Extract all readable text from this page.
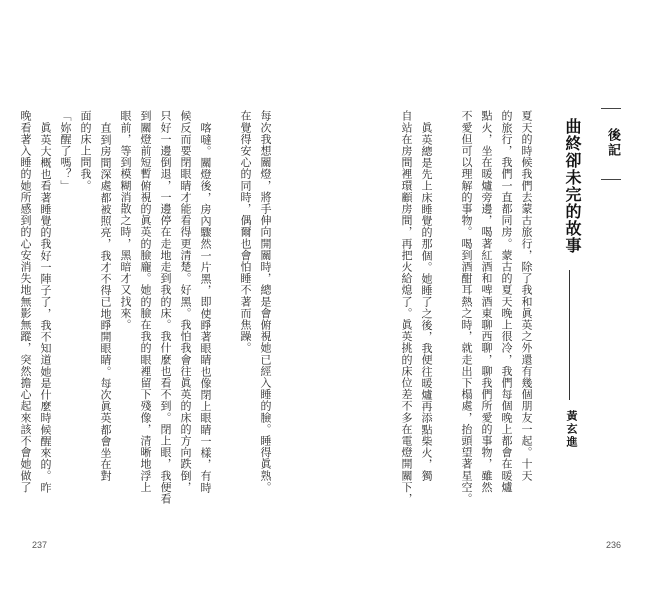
後記
曲終卻未完的故事
黃玄進
夏天的時候我們去蒙古旅行，除了我和眞英之外還有幾個朋友一起。十天
的旅行，我們一直都同房。蒙古的夏天晚上很冷，我們每個晚上都會在暖爐
點火，坐在暖爐旁邊，喝著紅酒和啤酒東聊西聊，聊我們所愛的事物，雖然
不愛但可以理解的事物。喝到酒酣耳熱之時，就走出下榻處，抬頭望著星空。
眞英總是先上床睡覺的那個。她睡了之後，我便往暖爐再添點柴火，獨
自站在房間裡環顧房間，再把火給熄了。眞英挑的床位差不多在電燈開關下，
236
每次我想關燈，將手伸向開關時，總是會俯視她已經入睡的臉。睡得眞熟。
在覺得安心的同時，偶爾也會怕睡不著而焦躁。
喀噠。關燈後，房內驟然一片黑，即使睜著眼睛也像閉上眼睛一樣，有時
候反而要閉眼睛才能看得更清楚。好黑。我怕我會往眞英的床的方向跌倒，
只好一邊倒退，一邊停在走地走到我的床。我什麼也看不到。閉上眼，我便看
到關燈前短暫俯視的眞英的臉龐。她的臉在我的眼裡留下殘像，清晰地浮上
眼前，等到模糊消散之時，黑暗才又找來。
直到房間深處都被照亮，我才不得已地睜開眼睛。每次眞英都會坐在對
面的床上問我。
「妳醒了嗎？」
眞英大概也看著睡覺的我好一陣子了，我不知道她是什麼時候醒來的。昨
晚看著入睡的她所感到的心安消失地無影無蹤，突然擔心起來該不會她做了
237
